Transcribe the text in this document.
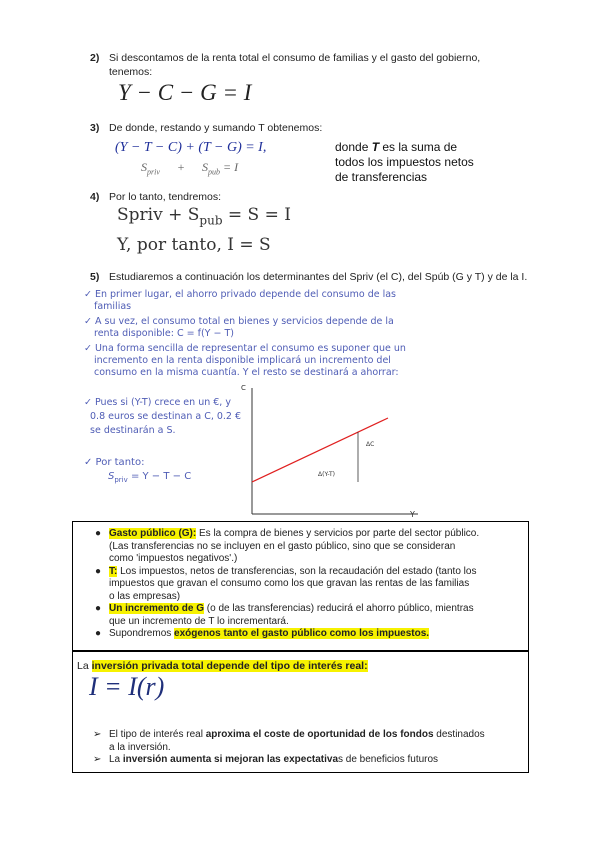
2) Si descontamos de la renta total el consumo de familias y el gasto del gobierno,
tenemos:
Y − C − G = I
3) De donde, restando y sumando T obtenemos:
(Y − T − C) + (T − G) = I,
$S_{priv} + S_{pub} = I$
donde T es la suma de
todos los impuestos netos
de transferencias
4) Por lo tanto, tendremos:
Spriv + $S_{pub} = S = I$
Y, por tanto, I = S
5) Estudiaremos a continuación los determinantes del Spriv (el C), del Spúb (G y T) y de la I.
✓ En primer lugar, el ahorro privado depende del consumo de las
familias
✓ A su vez, el consumo total en bienes y servicios depende de la
renta disponible: C = f(Y − T)
✓ Una forma sencilla de representar el consumo es suponer que un
incremento en la renta disponible implicará un incremento del
consumo en la misma cuantía. Y el resto se destinará a ahorrar:
✓ Pues si (Y-T) crece en un €, y
0.8 euros se destinan a C, 0.2 €
se destinarán a S.
✓ Por tanto:
$S_{priv} = Y - T - C$
C
Y
ΔC
Δ(Y-T)
● Gasto público (G): Es la compra de bienes y servicios por parte del sector público.
(Las transferencias no se incluyen en el gasto público, sino que se consideran
como 'impuestos negativos'.)
● T: Los impuestos, netos de transferencias, son la recaudación del estado (tanto los
impuestos que gravan el consumo como los que gravan las rentas de las familias
o las empresas)
● Un incremento de G (o de las transferencias) reducirá el ahorro público, mientras
que un incremento de T lo incrementará.
● Supondremos exógenos tanto el gasto público como los impuestos.
La inversión privada total depende del tipo de interés real:
I = I(r)
➢ El tipo de interés real aproxima el coste de oportunidad de los fondos destinados
a la inversión.
➢ La inversión aumenta si mejoran las expectativas de beneficios futuros
